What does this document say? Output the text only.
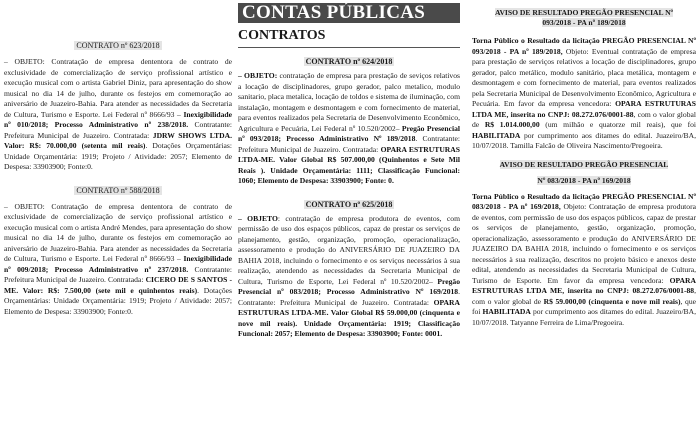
CONTRATO nº 623/2018

– OBJETO: Contratação de empresa dententora de contrato de exclusividade de comercialização de serviço profissional artístico e execução musical com o artista Gabriel Diniz, para apresentação do show musical no dia 14 de julho, durante os festejos em comemoração ao aniversário de Juazeiro-Bahia. Para atender as necessidades da Secretaria de Cultura, Turismo e Esporte. Lei Federal nº 8666/93 – Inexigibilidade nº 010/2018; Processo Administrativo nº 238/2018. Contratante: Prefeitura Municipal de Juazeiro. Contratada: JDRW SHOWS LTDA. Valor: R$: 70.000,00 (setenta mil reais). Dotações Orçamentárias: Unidade Orçamentária: 1919; Projeto / Atividade: 2057; Elemento de Despesa: 33903900; Fonte:0.

CONTRATO nº 588/2018

– OBJETO: Contratação de empresa dententora de contrato de exclusividade de comercialização de serviço profissional artístico e execução musical com o artista André Mendes, para apresentação do show musical no dia 14 de julho, durante os festejos em comemoração ao aniversário de Juazeiro-Bahia. Para atender as necessidades da Secretaria de Cultura, Turismo e Esporte. Lei Federal nº 8666/93 – Inexigibilidade nº 009/2018; Processo Administrativo nº 237/2018. Contratante: Prefeitura Municipal de Juazeiro. Contratada: CICERO DE S SANTOS - ME. Valor: R$: 7.500,00 (sete mil e quinhentos reais). Dotações Orçamentárias: Unidade Orçamentária: 1919; Projeto / Atividade: 2057; Elemento de Despesa: 33903900; Fonte:0.

CONTAS PÚBLICAS
CONTRATOS

CONTRATO nº 624/2018

– OBJETO: contratação de empresa para prestação de seviços relativos a locação de disciplinadores, grupo gerador, palco metalico, modulo sanitario, placa metalica, locação de toldos e sistema de iluminação, com instalação, montagem e desmontagem e com fornecimento de material, para eventos realizados pela Secretaria de Desenvolvimento Econômico, Agricultura e Pecuária, Lei Federal nº 10.520/2002– Pregão Presencial nº 093/2018; Processo Administrativo Nº 189/2018. Contratante: Prefeitura Municipal de Juazeiro. Contratada: OPARA ESTRUTURAS LTDA-ME. Valor Global R$ 507.000,00 (Quinhentos e Sete Mil Reais ). Unidade Orçamentária: 1111; Classificação Funcional: 1060; Elemento de Despesa: 33903900; Fonte: 0.

CONTRATO nº 625/2018

– OBJETO: contratação de empresa produtora de eventos, com permissão de uso dos espaços públicos, capaz de prestar os serviços de planejamento, gestão, organização, promoção, operacionalização, assessoramento e produção do ANIVERSÁRIO DE JUAZEIRO DA BAHIA 2018, incluindo o fornecimento e os serviços necessários à sua realização, atendendo as necessidades da Secretaria Municipal de Cultura, Turismo de Esporte, Lei Federal nº 10.520/2002– Pregão Presencial nº 083/2018; Processo Administrativo Nº 169/2018. Contratante: Prefeitura Municipal de Juazeiro. Contratada: OPARA ESTRUTURAS LTDA-ME. Valor Global R$ 59.000,00 (cinquenta e nove mil reais). Unidade Orçamentária: 1919; Classificação Funcional: 2057; Elemento de Despesa: 33903900; Fonte: 0001.

AVISO DE RESULTADO PREGÃO PRESENCIAL Nº
093/2018 - PA nº 189/2018

Torna Público o Resultado da licitação PREGÃO PRESENCIAL Nº 093/2018 - PA nº 189/2018, Objeto: Eventual contratação de empresa para prestação de serviços relativos a locação de disciplinadores, grupo gerador, palco metálico, modulo sanitário, placa metálica, montagem e desmontagem e com fornecimento de material, para eventos realizados pela Secretaria Municipal de Desenvolvimento Econômico, Agricultura e Pecuária. Em favor da empresa vencedora: OPARA ESTRUTURAS LTDA ME, inserita no CNPJ: 08.272.076/0001-88, com o valor global de R$ 1.014.000,00 (um milhão e quatorze mil reais), que foi HABILITADA por cumprimento aos ditames do edital. Juazeiro/BA, 10/07/2018. Tamilla Falcão de Oliveira Nascimento/Pregoeira.

AVISO DE RESULTADO PREGÃO PRESENCIAL

Nº 083/2018 - PA nº 169/2018

Torna Público o Resultado da licitação PREGÃO PRESENCIAL Nº 083/2018 - PA nº 169/2018, Objeto: Contratação de empresa produtora de eventos, com permissão de uso dos espaços públicos, capaz de prestar os serviços de planejamento, gestão, organização, promoção, operacionalização, assessoramento e produção do ANIVERSÁRIO DE JUAZEIRO DA BAHIA 2018, incluindo o fornecimento e os serviços necessários à sua realização, descritos no projeto básico e anexos deste edital, atendendo as necessidades da Secretaria Municipal de Cultura, Turismo de Esporte. Em favor da empresa vencedora: OPARA ESTRUTURAS LTDA ME, inserita no CNPJ: 08.272.076/0001-88, com o valor global de R$ 59.000,00 (cinquenta e nove mil reais), que foi HABILITADA por cumprimento aos ditames do edital. Juazeiro/BA, 10/07/2018. Tatyanne Ferreira de Lima/Pregoeira.
